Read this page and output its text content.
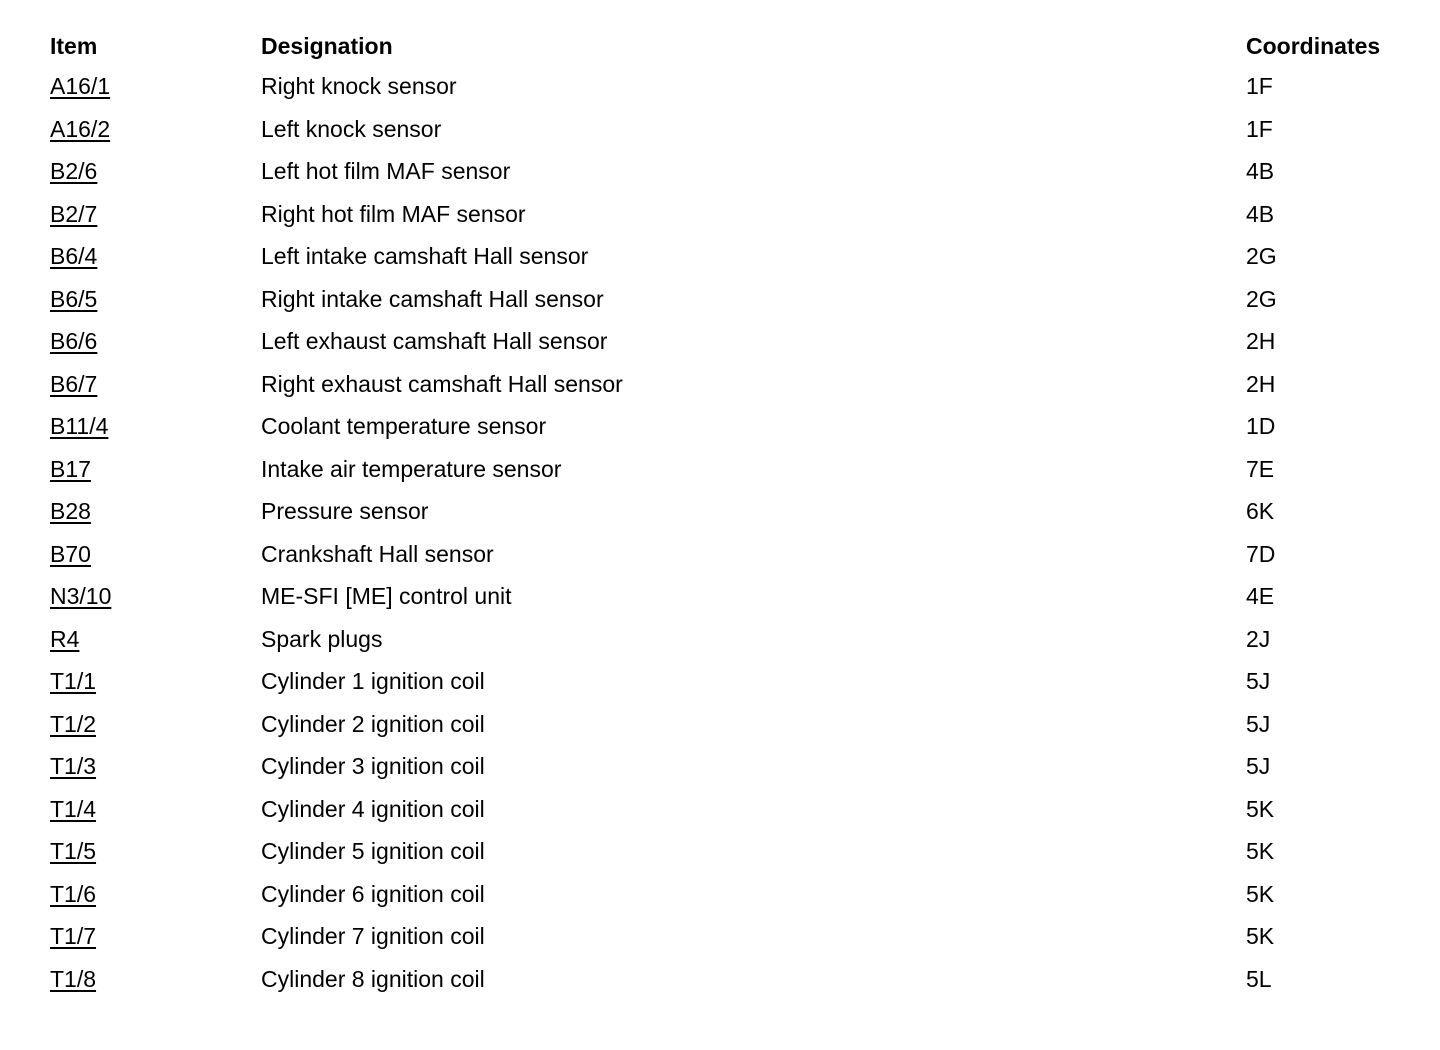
Item	Designation	Coordinates
A16/1	Right knock sensor	1F
A16/2	Left knock sensor	1F
B2/6	Left hot film MAF sensor	4B
B2/7	Right hot film MAF sensor	4B
B6/4	Left intake camshaft Hall sensor	2G
B6/5	Right intake camshaft Hall sensor	2G
B6/6	Left exhaust camshaft Hall sensor	2H
B6/7	Right exhaust camshaft Hall sensor	2H
B11/4	Coolant temperature sensor	1D
B17	Intake air temperature sensor	7E
B28	Pressure sensor	6K
B70	Crankshaft Hall sensor	7D
N3/10	ME-SFI [ME] control unit	4E
R4	Spark plugs	2J
T1/1	Cylinder 1 ignition coil	5J
T1/2	Cylinder 2 ignition coil	5J
T1/3	Cylinder 3 ignition coil	5J
T1/4	Cylinder 4 ignition coil	5K
T1/5	Cylinder 5 ignition coil	5K
T1/6	Cylinder 6 ignition coil	5K
T1/7	Cylinder 7 ignition coil	5K
T1/8	Cylinder 8 ignition coil	5L
